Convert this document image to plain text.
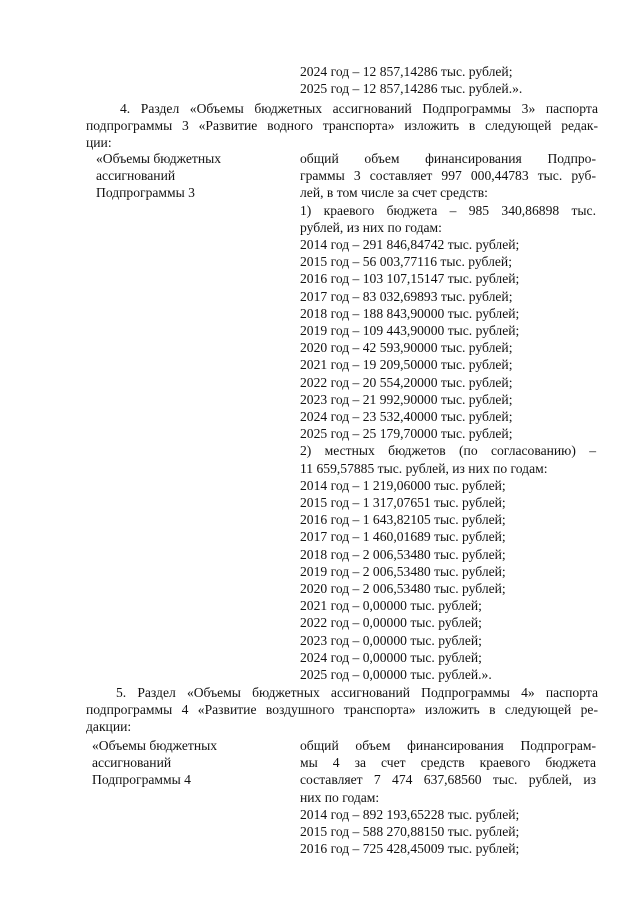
2024 год – 12 857,14286 тыс. рублей;
2025 год – 12 857,14286 тыс. рублей.».
4. Раздел «Объемы бюджетных ассигнований Подпрограммы 3» паспорта
подпрограммы 3 «Развитие водного транспорта» изложить в следующей редак-
ции:
«Объемы бюджетных
ассигнований
Подпрограммы 3
общий объем финансирования Подпро-
граммы 3 составляет 997 000,44783 тыс. руб-
лей, в том числе за счет средств:
1) краевого бюджета – 985 340,86898 тыс.
рублей, из них по годам:
2014 год – 291 846,84742 тыс. рублей;
2015 год – 56 003,77116 тыс. рублей;
2016 год – 103 107,15147 тыс. рублей;
2017 год – 83 032,69893 тыс. рублей;
2018 год – 188 843,90000 тыс. рублей;
2019 год – 109 443,90000 тыс. рублей;
2020 год – 42 593,90000 тыс. рублей;
2021 год – 19 209,50000 тыс. рублей;
2022 год – 20 554,20000 тыс. рублей;
2023 год – 21 992,90000 тыс. рублей;
2024 год – 23 532,40000 тыс. рублей;
2025 год – 25 179,70000 тыс. рублей;
2) местных бюджетов (по согласованию) –
11 659,57885 тыс. рублей, из них по годам:
2014 год – 1 219,06000 тыс. рублей;
2015 год – 1 317,07651 тыс. рублей;
2016 год – 1 643,82105 тыс. рублей;
2017 год – 1 460,01689 тыс. рублей;
2018 год – 2 006,53480 тыс. рублей;
2019 год – 2 006,53480 тыс. рублей;
2020 год – 2 006,53480 тыс. рублей;
2021 год – 0,00000 тыс. рублей;
2022 год – 0,00000 тыс. рублей;
2023 год – 0,00000 тыс. рублей;
2024 год – 0,00000 тыс. рублей;
2025 год – 0,00000 тыс. рублей.».
5. Раздел «Объемы бюджетных ассигнований Подпрограммы 4» паспорта
подпрограммы 4 «Развитие воздушного транспорта» изложить в следующей ре-
дакции:
«Объемы бюджетных
ассигнований
Подпрограммы 4
общий объем финансирования Подпрограм-
мы 4 за счет средств краевого бюджета
составляет 7 474 637,68560 тыс. рублей, из
них по годам:
2014 год – 892 193,65228 тыс. рублей;
2015 год – 588 270,88150 тыс. рублей;
2016 год – 725 428,45009 тыс. рублей;
